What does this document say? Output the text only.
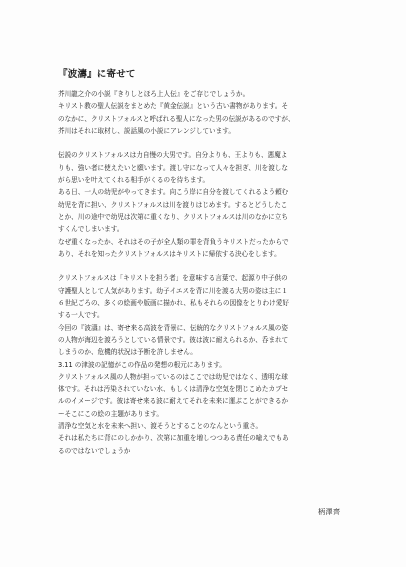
『波濤』に寄せて
芥川龍之介の小説『きりしとほろ上人伝』をご存じでしょうか。
キリスト教の聖人伝説をまとめた『黄金伝説』という古い書物があります。そ
のなかに、クリストフォルスと呼ばれる聖人になった男の伝説があるのですが、
芥川はそれに取材し、説話風の小説にアレンジしています。
伝説のクリストフォルスは力自慢の大男です。自分よりも、王よりも、悪魔よ
りも、強い者に使えたいと願います。渡し守になって人々を担ぎ、川を渡しな
がら思いを叶えてくれる相手がくるのを待ちます。
ある日、一人の幼児がやってきます。向こう岸に自分を渡してくれるよう頼む
幼児を背に担い、クリストフォルスは川を渡りはじめます。するとどうしたこ
とか、川の途中で幼児は次第に重くなり、クリストフォルスは川のなかに立ち
すくんでしまいます。
なぜ重くなったか、それはその子が全人類の罪を背負うキリストだったからで
あり、それを知ったクリストフォルスはキリストに帰依する決心をします。
クリストフォルスは「キリストを担う者」を意味する言葉で、起源り中子供の
守護聖人として人気があります。幼子イエスを背に川を渡る大男の姿は主に１
６世紀ごろの、多くの絵画や版画に描かれ、私もそれらの図像をとりわけ愛好
する一人です。
今回の『波濤』は、寄せ来る高波を背景に、伝統的なクリストフォルス風の姿
の人物が海辺を渡ろうとしている情景です。彼は波に耐えられるか、呑まれて
しまうのか、危機的状況は予断を許しません。
3.11 の津波の記憶がこの作品の発想の根元にあります。
クリストフォルス風の人物が担っているのはここでは幼児ではなく、透明な球
体です。それは汚染されていない水、もしくは清浄な空気を閉じこめたカプセ
ルのイメージです。彼は寄せ来る波に耐えてそれを未来に運ぶことができるか
ーそこにこの絵の主題があります。
清浄な空気と水を未来へ担い、渡そうとすることのなんという重さ。
それは私たちに背にのしかかり、次第に加重を増しつつある責任の喩えでもあ
るのではないでしょうか
柄澤齊
